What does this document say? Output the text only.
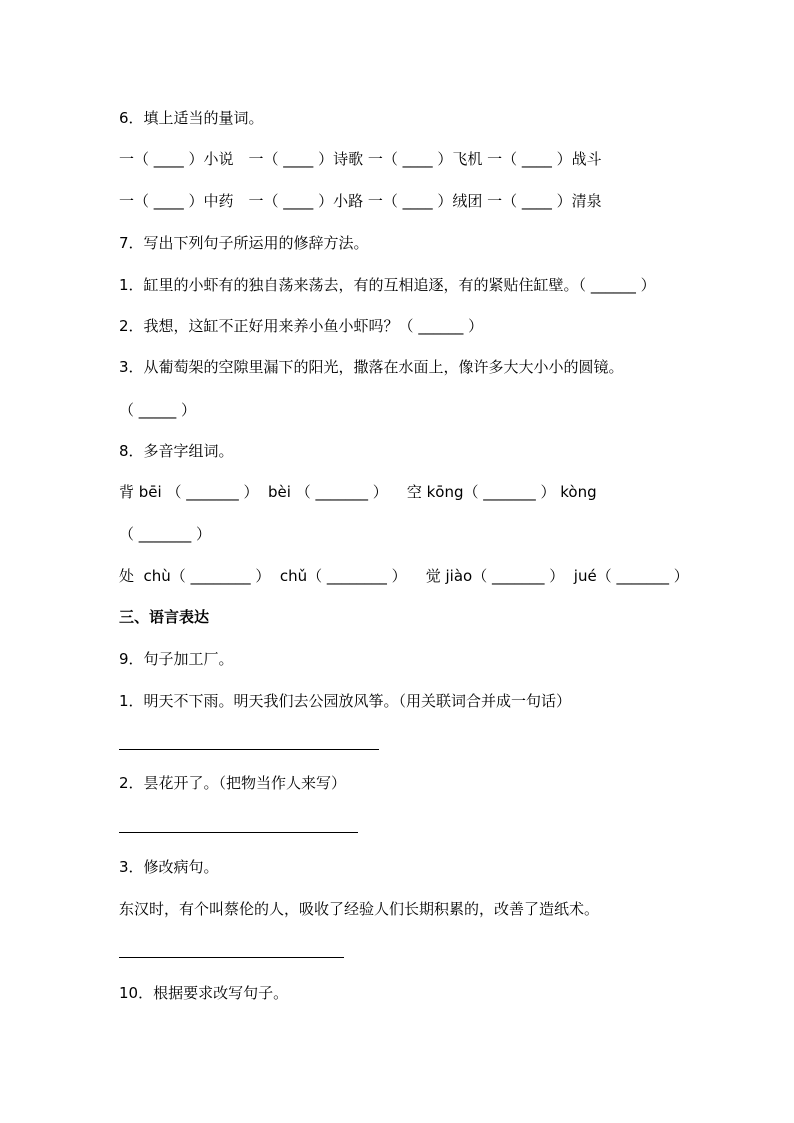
6．填上适当的量词。
一（ ____ ）小说　一（ ____ ）诗歌 一（ ____ ）飞机 一（ ____ ）战斗
一（ ____ ）中药　一（ ____ ）小路 一（ ____ ）绒团 一（ ____ ）清泉
7．写出下列句子所运用的修辞方法。
1．缸里的小虾有的独自荡来荡去，有的互相追逐，有的紧贴住缸壁。（ ______ ）
2．我想，这缸不正好用来养小鱼小虾吗？（ ______ ）
3．从葡萄架的空隙里漏下的阳光，撒落在水面上，像许多大大小小的圆镜。
（ _____ ）
8．多音字组词。
背 bēi （ _______ ）  bèi （ _______ ）    空 kōng（ _______ ） kòng
（ _______ ）
处  chù（ ________ ）  chǔ（ ________ ）    觉 jiào（ _______ ）  jué（ _______ ）
三、语言表达
9．句子加工厂。
1．明天不下雨。明天我们去公园放风筝。（用关联词合并成一句话）
2．昙花开了。（把物当作人来写）
3．修改病句。
东汉时，有个叫蔡伦的人，吸收了经验人们长期积累的，改善了造纸术。
10．根据要求改写句子。
